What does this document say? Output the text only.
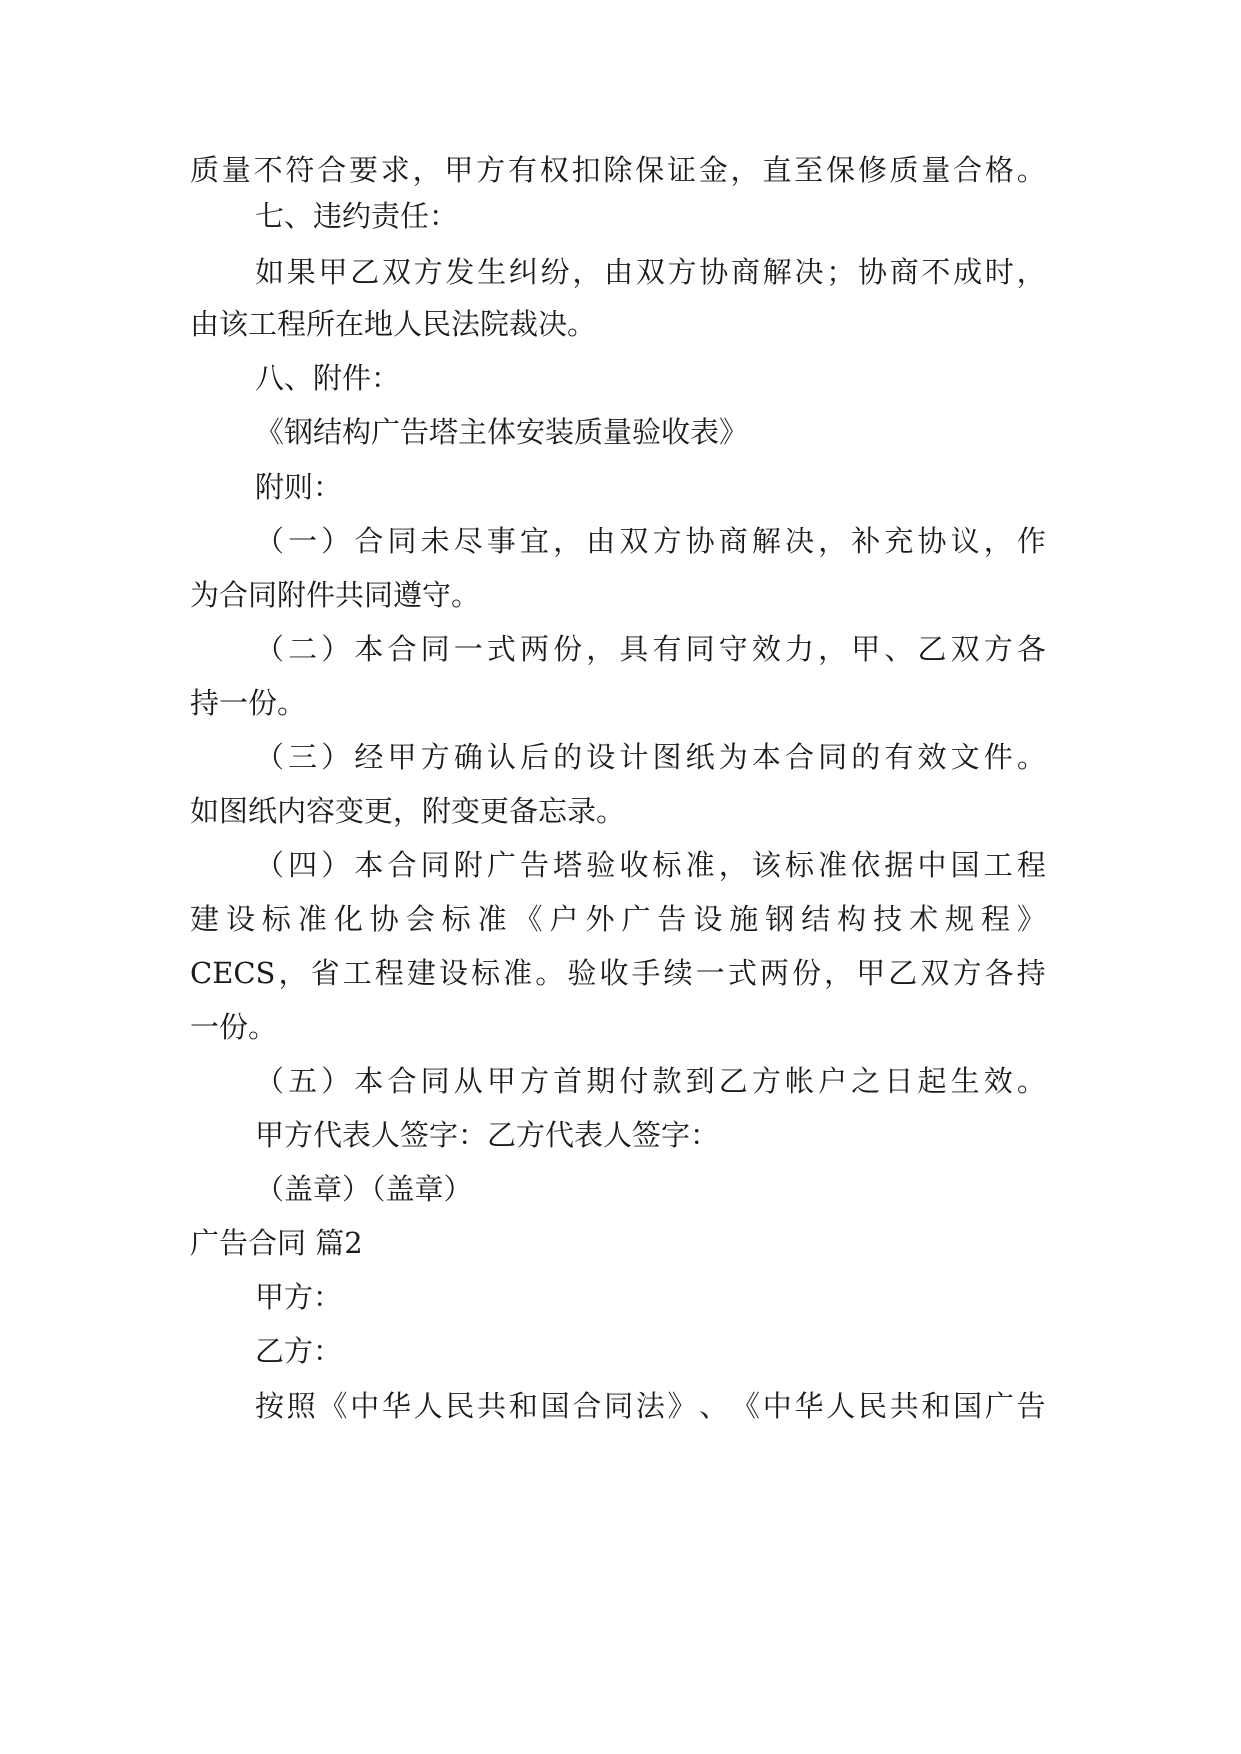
质 量 不 符 合 要 求 ， 甲 方 有 权 扣 除 保 证 金 ， 直 至 保 修 质 量 合 格 。

七、违约责任：

如 果 甲 乙 双 方 发 生 纠 纷 ， 由 双 方 协 商 解 决 ； 协 商 不 成 时 ，

由该工程所在地人民法院裁决。

八、附件：

《钢结构广告塔主体安装质量验收表》

附则：

（ 一 ） 合 同 未 尽 事 宜 ， 由 双 方 协 商 解 决 ， 补 充 协 议 ， 作

为合同附件共同遵守。

（ 二 ） 本 合 同 一 式 两 份 ， 具 有 同 守 效 力 ， 甲 、 乙 双 方 各

持一份。

（ 三 ） 经 甲 方 确 认 后 的 设 计 图 纸 为 本 合 同 的 有 效 文 件 。

如图纸内容变更，附变更备忘录。

（ 四 ） 本 合 同 附 广 告 塔 验 收 标 准 ， 该 标 准 依 据 中 国 工 程

建 设 标 准 化 协 会 标 准 《 户 外 广 告 设 施 钢 结 构 技 术 规 程 》

CECS ， 省 工 程 建 设 标 准 。 验 收 手 续 一 式 两 份 ， 甲 乙 双 方 各 持

一份。

（ 五 ） 本 合 同 从 甲 方 首 期 付 款 到 乙 方 帐 户 之 日 起 生 效 。

甲方代表人签字：乙方代表人签字：

（盖章）（盖章）

广告合同 篇2

甲方：

乙方：

按 照 《 中 华 人 民 共 和 国 合 同 法 》 、 《 中 华 人 民 共 和 国 广 告
